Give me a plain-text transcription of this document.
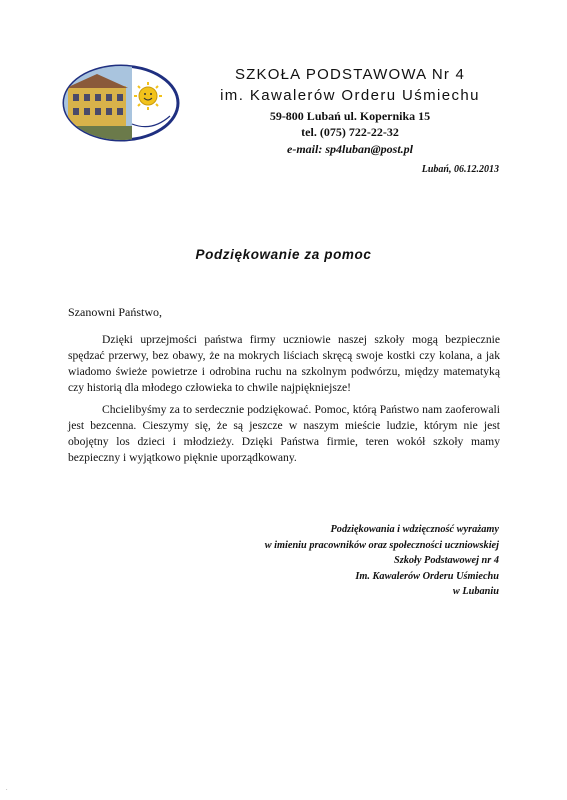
SZKOŁA PODSTAWOWA Nr 4
im. Kawalerów Orderu Uśmiechu
59-800 Lubań ul. Kopernika 15
tel. (075) 722-22-32
e-mail: sp4luban@post.pl
Lubań, 06.12.2013
Podziękowanie za pomoc
Szanowni Państwo,

Dzięki uprzejmości państwa firmy uczniowie naszej szkoły mogą bezpiecznie spędzać przerwy, bez obawy, że na mokrych liściach skręcą swoje kostki czy kolana, a jak wiadomo świeże powietrze i odrobina ruchu na szkolnym podwórzu, między matematyką czy historią dla młodego człowieka to chwile najpiękniejsze!

Chcielibyśmy za to serdecznie podziękować. Pomoc, którą Państwo nam zaoferowali jest bezcenna. Cieszymy się, że są jeszcze w naszym mieście ludzie, którym nie jest obojętny los dzieci i młodzieży. Dzięki Państwa firmie, teren wokół szkoły mamy bezpieczny i wyjątkowo pięknie uporządkowany.

Podziękowania i wdzięczność wyrażamy
w imieniu pracowników oraz społeczności uczniowskiej
Szkoły Podstawowej nr 4
Im. Kawalerów Orderu Uśmiechu
w Lubaniu
.
